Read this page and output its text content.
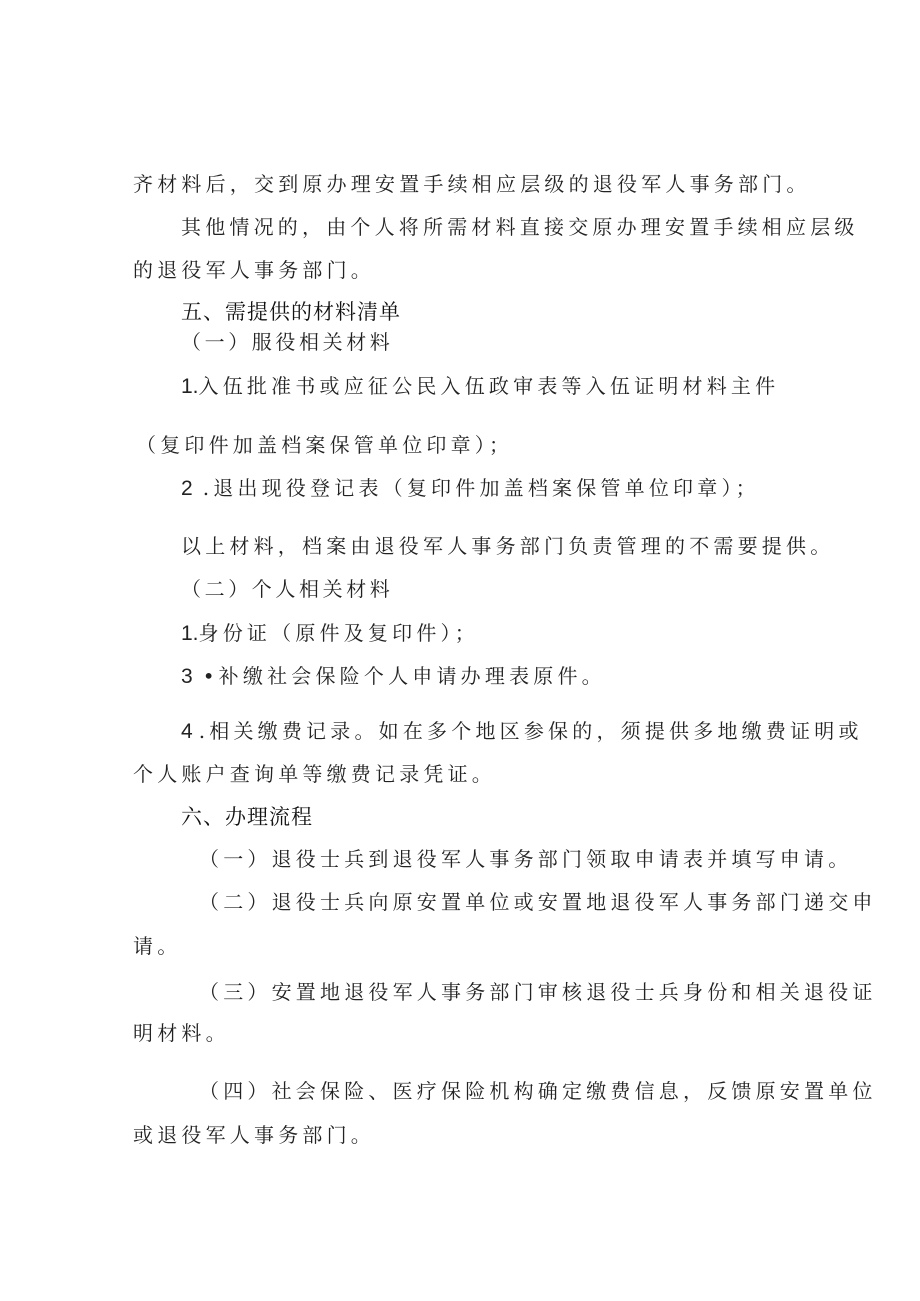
齐材料后，交到原办理安置手续相应层级的退役军人事务部门。
其他情况的，由个人将所需材料直接交原办理安置手续相应层级
的退役军人事务部门。
五、需提供的材料清单
（一）服役相关材料
1.入伍批准书或应征公民入伍政审表等入伍证明材料主件
（复印件加盖档案保管单位印章）；
2 .退出现役登记表（复印件加盖档案保管单位印章）；
以上材料，档案由退役军人事务部门负责管理的不需要提供。
（二）个人相关材料
1.身份证（原件及复印件）；
3 •补缴社会保险个人申请办理表原件。
4 .相关缴费记录。如在多个地区参保的，须提供多地缴费证明或
个人账户查询单等缴费记录凭证。
六、办理流程
（一）退役士兵到退役军人事务部门领取申请表并填写申请。
（二）退役士兵向原安置单位或安置地退役军人事务部门递交申
请。
（三）安置地退役军人事务部门审核退役士兵身份和相关退役证
明材料。
（四）社会保险、医疗保险机构确定缴费信息，反馈原安置单位
或退役军人事务部门。
